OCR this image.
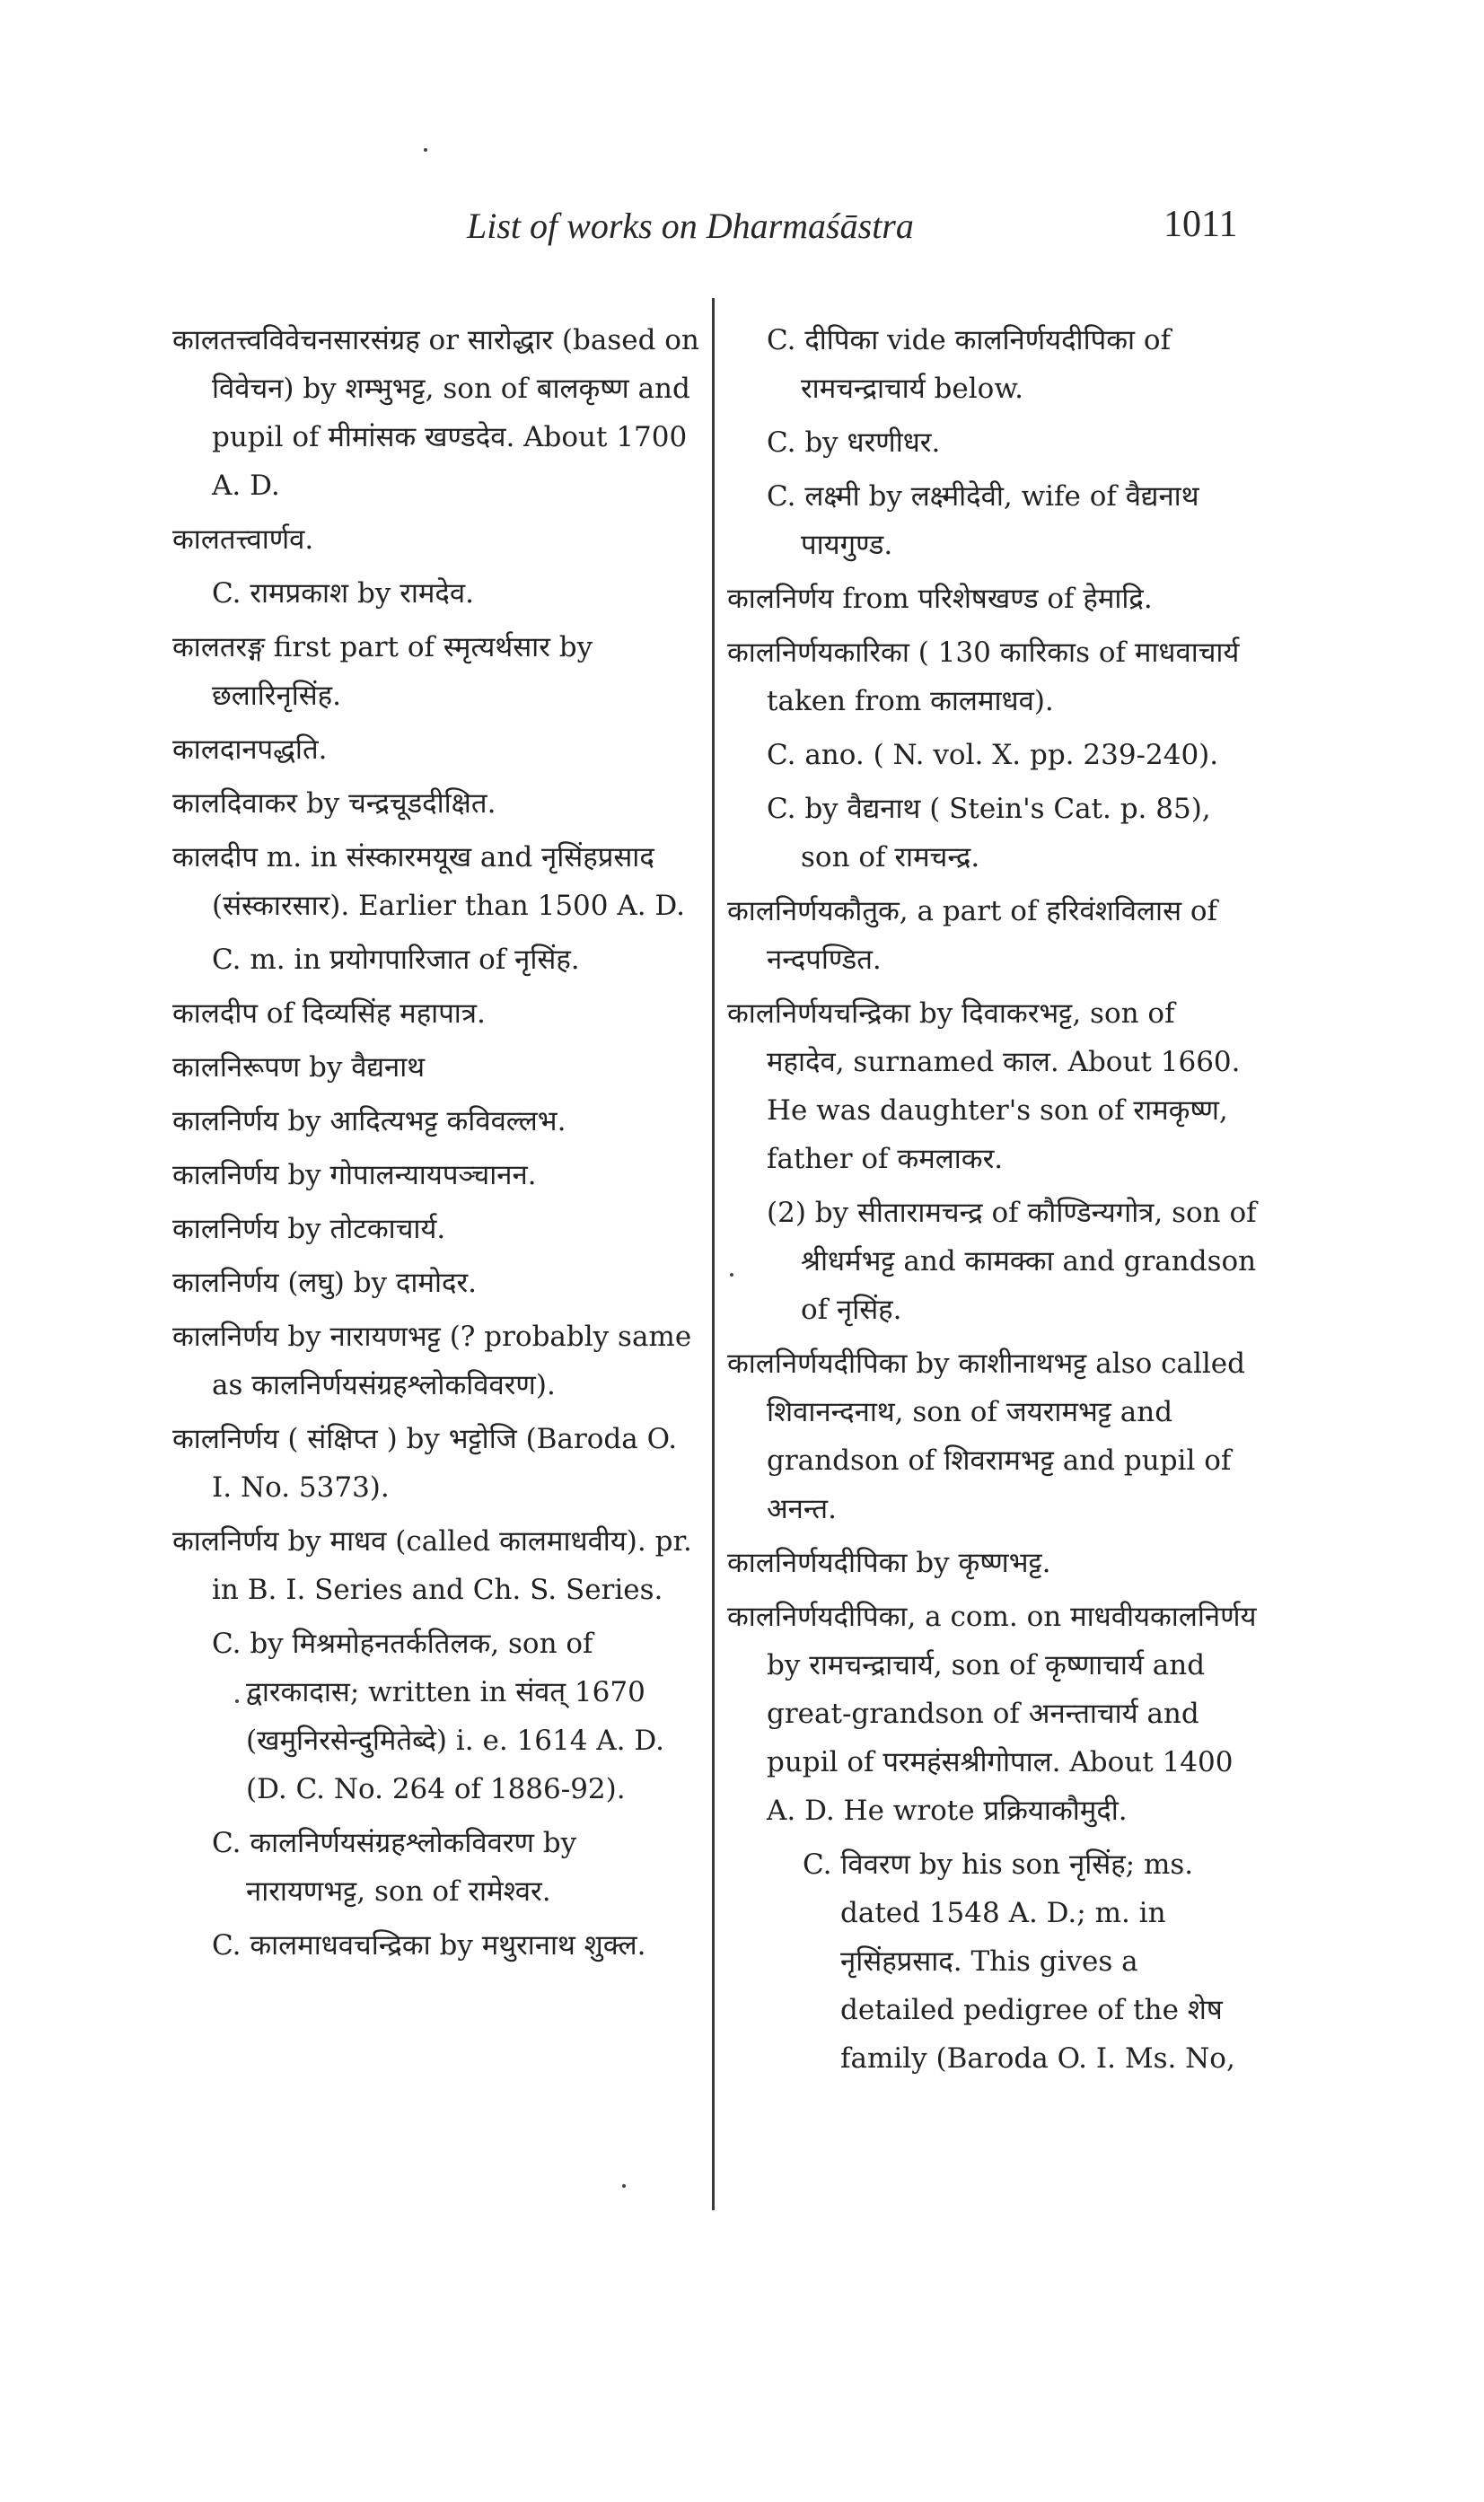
List of works on Dharmaśāstra	1011

कालतत्त्वविवेचनसारसंग्रह or सारोद्धार (based on विवेचन) by शम्भुभट्ट, son of बालकृष्ण and pupil of मीमांसक खण्डदेव. About 1700 A. D.

कालतत्त्वार्णव.

C. रामप्रकाश by रामदेव.

कालतरङ्ग first part of स्मृत्यर्थसार by छलारिनृसिंह.

कालदानपद्धति.

कालदिवाकर by चन्द्रचूडदीक्षित.

कालदीप m. in संस्कारमयूख and नृसिंहप्रसाद (संस्कारसार). Earlier than 1500 A. D.

C. m. in प्रयोगपारिजात of नृसिंह.

कालदीप of दिव्यसिंह महापात्र.

कालनिरूपण by वैद्यनाथ

कालनिर्णय by आदित्यभट्ट कविवल्लभ.

कालनिर्णय by गोपालन्यायपञ्चानन.

कालनिर्णय by तोटकाचार्य.

कालनिर्णय (लघु) by दामोदर.

कालनिर्णय by नारायणभट्ट (? probably same as कालनिर्णयसंग्रहश्लोकविवरण).

कालनिर्णय ( संक्षिप्त ) by भट्टोजि (Baroda O. I. No. 5373).

कालनिर्णय by माधव (called कालमाधवीय). pr. in B. I. Series and Ch. S. Series.

C. by मिश्रमोहनतर्कतिलक, son of द्वारकादास; written in संवत् 1670 (खमुनिरसेन्दुमितेब्दे) i. e. 1614 A. D. (D. C. No. 264 of 1886-92).

C. कालनिर्णयसंग्रहश्लोकविवरण by नारायणभट्ट, son of रामेश्वर.

C. कालमाधवचन्द्रिका by मथुरानाथ शुक्ल.

C. दीपिका vide कालनिर्णयदीपिका of रामचन्द्राचार्य below.

C. by धरणीधर.

C. लक्ष्मी by लक्ष्मीदेवी, wife of वैद्यनाथ पायगुण्ड.

कालनिर्णय from परिशेषखण्ड of हेमाद्रि.

कालनिर्णयकारिका ( 130 कारिकाs of माधवाचार्य taken from कालमाधव).

C. ano. ( N. vol. X. pp. 239-240).

C. by वैद्यनाथ ( Stein's Cat. p. 85), son of रामचन्द्र.

कालनिर्णयकौतुक, a part of हरिवंशविलास of नन्दपण्डित.

कालनिर्णयचन्द्रिका by दिवाकरभट्ट, son of महादेव, surnamed काल. About 1660. He was daughter's son of रामकृष्ण, father of कमलाकर.

(2) by सीतारामचन्द्र of कौण्डिन्यगोत्र, son of श्रीधर्मभट्ट and कामक्का and grandson of नृसिंह.

कालनिर्णयदीपिका by काशीनाथभट्ट also called शिवानन्दनाथ, son of जयरामभट्ट and grandson of शिवरामभट्ट and pupil of अनन्त.

कालनिर्णयदीपिका by कृष्णभट्ट.

कालनिर्णयदीपिका, a com. on माधवीयकालनिर्णय by रामचन्द्राचार्य, son of कृष्णाचार्य and great-grandson of अनन्ताचार्य and pupil of परमहंसश्रीगोपाल. About 1400 A. D. He wrote प्रक्रियाकौमुदी.

C. विवरण by his son नृसिंह; ms. dated 1548 A. D.; m. in नृसिंहप्रसाद. This gives a detailed pedigree of the शेष family (Baroda O. I. Ms. No,
